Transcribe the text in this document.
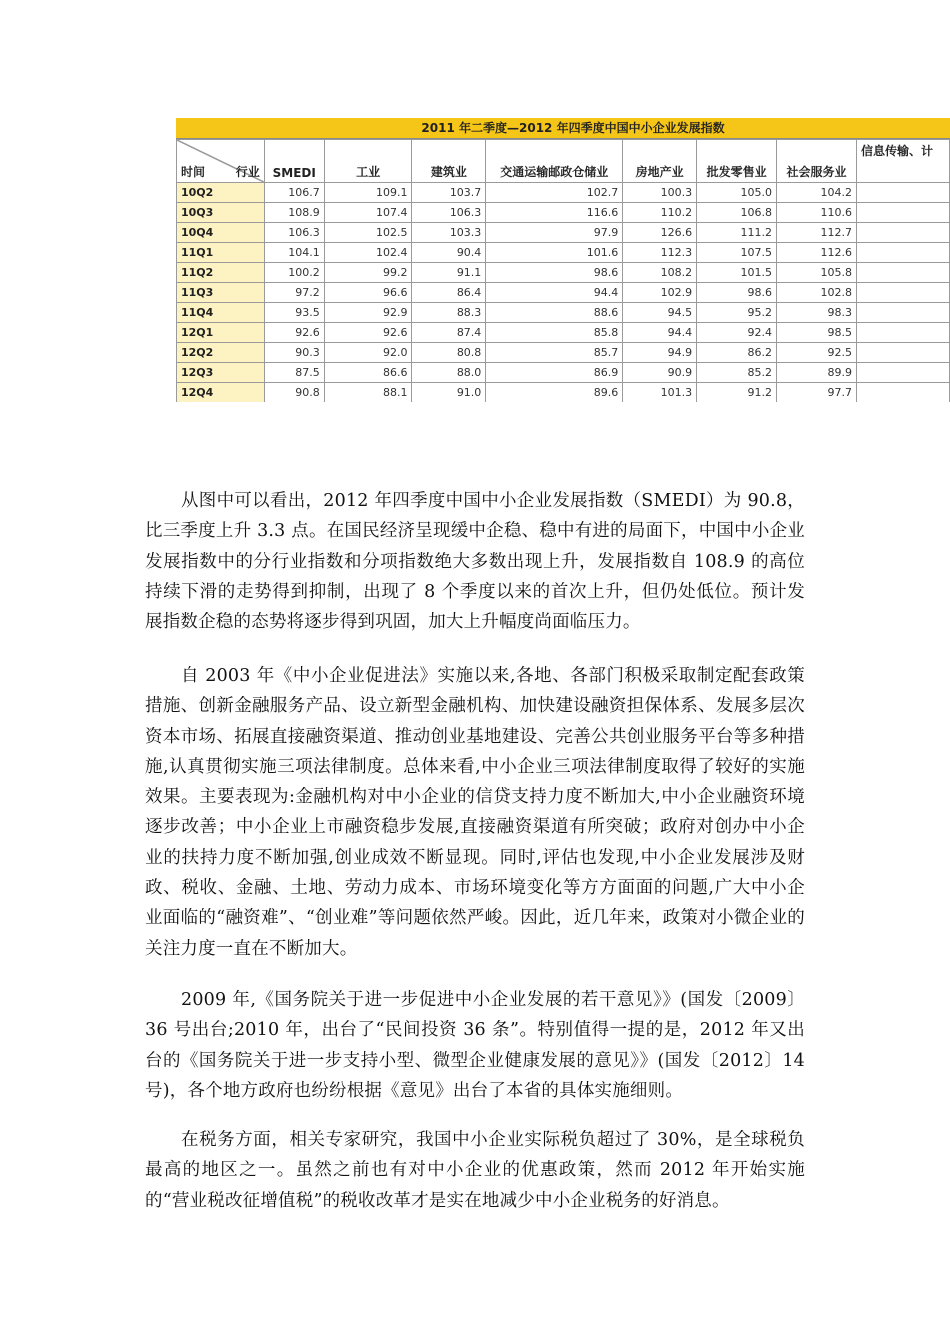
2011 年二季度—2012 年四季度中国中小企业发展指数
时间 行业	SMEDI	工业	建筑业	交通运输邮政仓储业	房地产业	批发零售业	社会服务业	信息传输、计
10Q2	106.7	109.1	103.7	102.7	100.3	105.0	104.2	
10Q3	108.9	107.4	106.3	116.6	110.2	106.8	110.6	
10Q4	106.3	102.5	103.3	97.9	126.6	111.2	112.7	
11Q1	104.1	102.4	90.4	101.6	112.3	107.5	112.6	
11Q2	100.2	99.2	91.1	98.6	108.2	101.5	105.8	
11Q3	97.2	96.6	86.4	94.4	102.9	98.6	102.8	
11Q4	93.5	92.9	88.3	88.6	94.5	95.2	98.3	
12Q1	92.6	92.6	87.4	85.8	94.4	92.4	98.5	
12Q2	90.3	92.0	80.8	85.7	94.9	86.2	92.5	
12Q3	87.5	86.6	88.0	86.9	90.9	85.2	89.9	
12Q4	90.8	88.1	91.0	89.6	101.3	91.2	97.7	

从图中可以看出，2012 年四季度中国中小企业发展指数（SMEDI）为 90.8，比三季度上升 3.3 点。在国民经济呈现缓中企稳、稳中有进的局面下，中国中小企业发展指数中的分行业指数和分项指数绝大多数出现上升，发展指数自 108.9 的高位持续下滑的走势得到抑制，出现了 8 个季度以来的首次上升，但仍处低位。预计发展指数企稳的态势将逐步得到巩固，加大上升幅度尚面临压力。

自 2003 年《中小企业促进法》实施以来,各地、各部门积极采取制定配套政策措施、创新金融服务产品、设立新型金融机构、加快建设融资担保体系、发展多层次资本市场、拓展直接融资渠道、推动创业基地建设、完善公共创业服务平台等多种措施,认真贯彻实施三项法律制度。总体来看,中小企业三项法律制度取得了较好的实施效果。主要表现为:金融机构对中小企业的信贷支持力度不断加大,中小企业融资环境逐步改善；中小企业上市融资稳步发展,直接融资渠道有所突破；政府对创办中小企业的扶持力度不断加强,创业成效不断显现。同时,评估也发现,中小企业发展涉及财政、税收、金融、土地、劳动力成本、市场环境变化等方方面面的问题,广大中小企业面临的“融资难”、“创业难”等问题依然严峻。因此，近几年来，政策对小微企业的关注力度一直在不断加大。

2009 年,《国务院关于进一步促进中小企业发展的若干意见》》(国发〔2009〕36 号出台;2010 年，出台了“民间投资 36 条”。特别值得一提的是，2012 年又出台的《国务院关于进一步支持小型、微型企业健康发展的意见》》(国发〔2012〕14 号)，各个地方政府也纷纷根据《意见》出台了本省的具体实施细则。

在税务方面，相关专家研究，我国中小企业实际税负超过了 30%，是全球税负最高的地区之一。虽然之前也有对中小企业的优惠政策，然而 2012 年开始实施的“营业税改征增值税”的税收改革才是实在地减少中小企业税务的好消息。
